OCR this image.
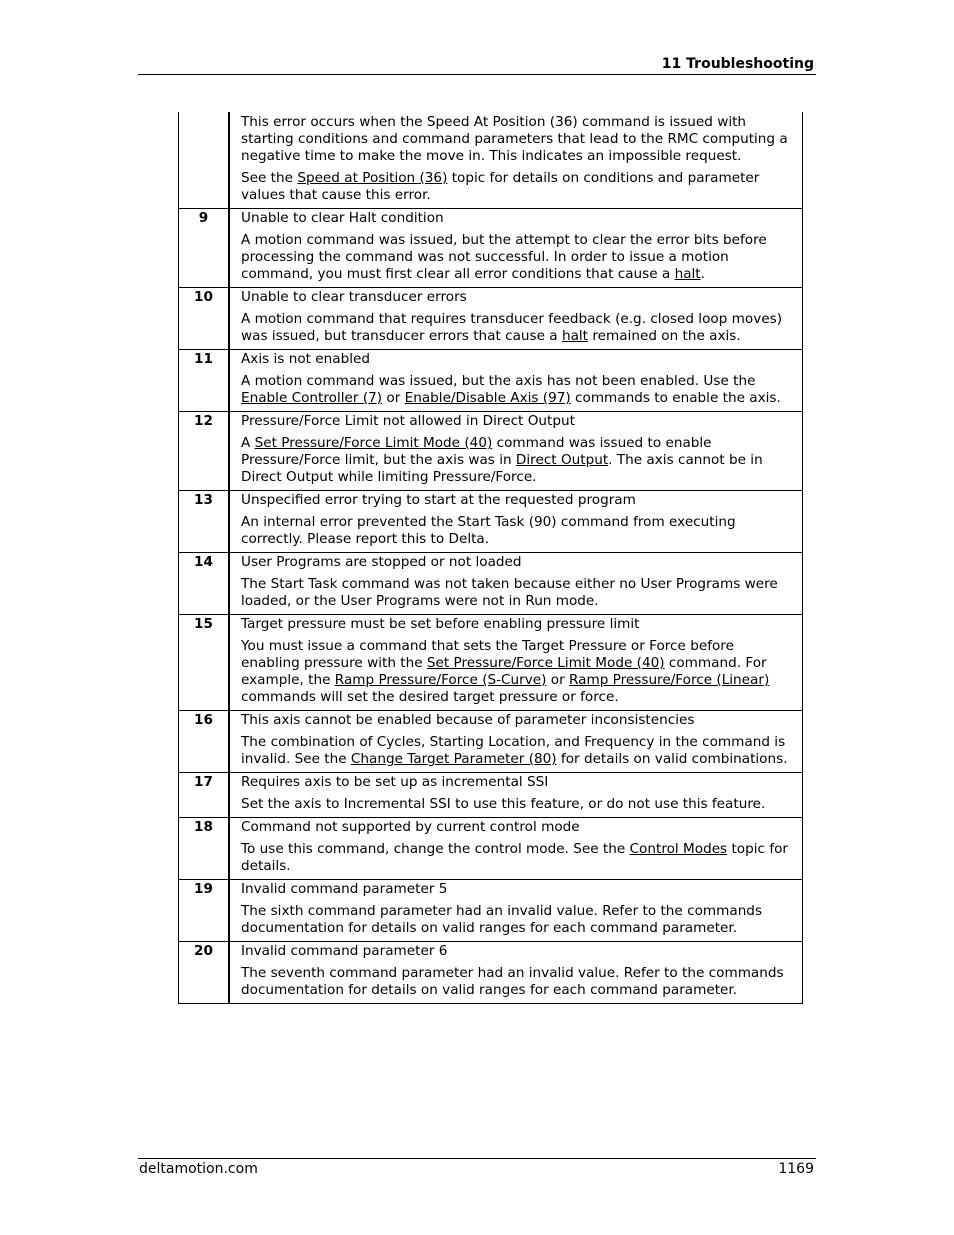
11 Troubleshooting

	This error occurs when the Speed At Position (36) command is issued with starting conditions and command parameters that lead to the RMC computing a negative time to make the move in. This indicates an impossible request.
See the Speed at Position (36) topic for details on conditions and parameter values that cause this error.

9	Unable to clear Halt condition
A motion command was issued, but the attempt to clear the error bits before processing the command was not successful. In order to issue a motion command, you must first clear all error conditions that cause a halt.

10	Unable to clear transducer errors
A motion command that requires transducer feedback (e.g. closed loop moves) was issued, but transducer errors that cause a halt remained on the axis.

11	Axis is not enabled
A motion command was issued, but the axis has not been enabled. Use the Enable Controller (7) or Enable/Disable Axis (97) commands to enable the axis.

12	Pressure/Force Limit not allowed in Direct Output
A Set Pressure/Force Limit Mode (40) command was issued to enable Pressure/Force limit, but the axis was in Direct Output. The axis cannot be in Direct Output while limiting Pressure/Force.

13	Unspecified error trying to start at the requested program
An internal error prevented the Start Task (90) command from executing correctly. Please report this to Delta.

14	User Programs are stopped or not loaded
The Start Task command was not taken because either no User Programs were loaded, or the User Programs were not in Run mode.

15	Target pressure must be set before enabling pressure limit
You must issue a command that sets the Target Pressure or Force before enabling pressure with the Set Pressure/Force Limit Mode (40) command. For example, the Ramp Pressure/Force (S-Curve) or Ramp Pressure/Force (Linear) commands will set the desired target pressure or force.

16	This axis cannot be enabled because of parameter inconsistencies
The combination of Cycles, Starting Location, and Frequency in the command is invalid. See the Change Target Parameter (80) for details on valid combinations.

17	Requires axis to be set up as incremental SSI
Set the axis to Incremental SSI to use this feature, or do not use this feature.

18	Command not supported by current control mode
To use this command, change the control mode. See the Control Modes topic for details.

19	Invalid command parameter 5
The sixth command parameter had an invalid value. Refer to the commands documentation for details on valid ranges for each command parameter.

20	Invalid command parameter 6
The seventh command parameter had an invalid value. Refer to the commands documentation for details on valid ranges for each command parameter.
deltamotion.com	1169
